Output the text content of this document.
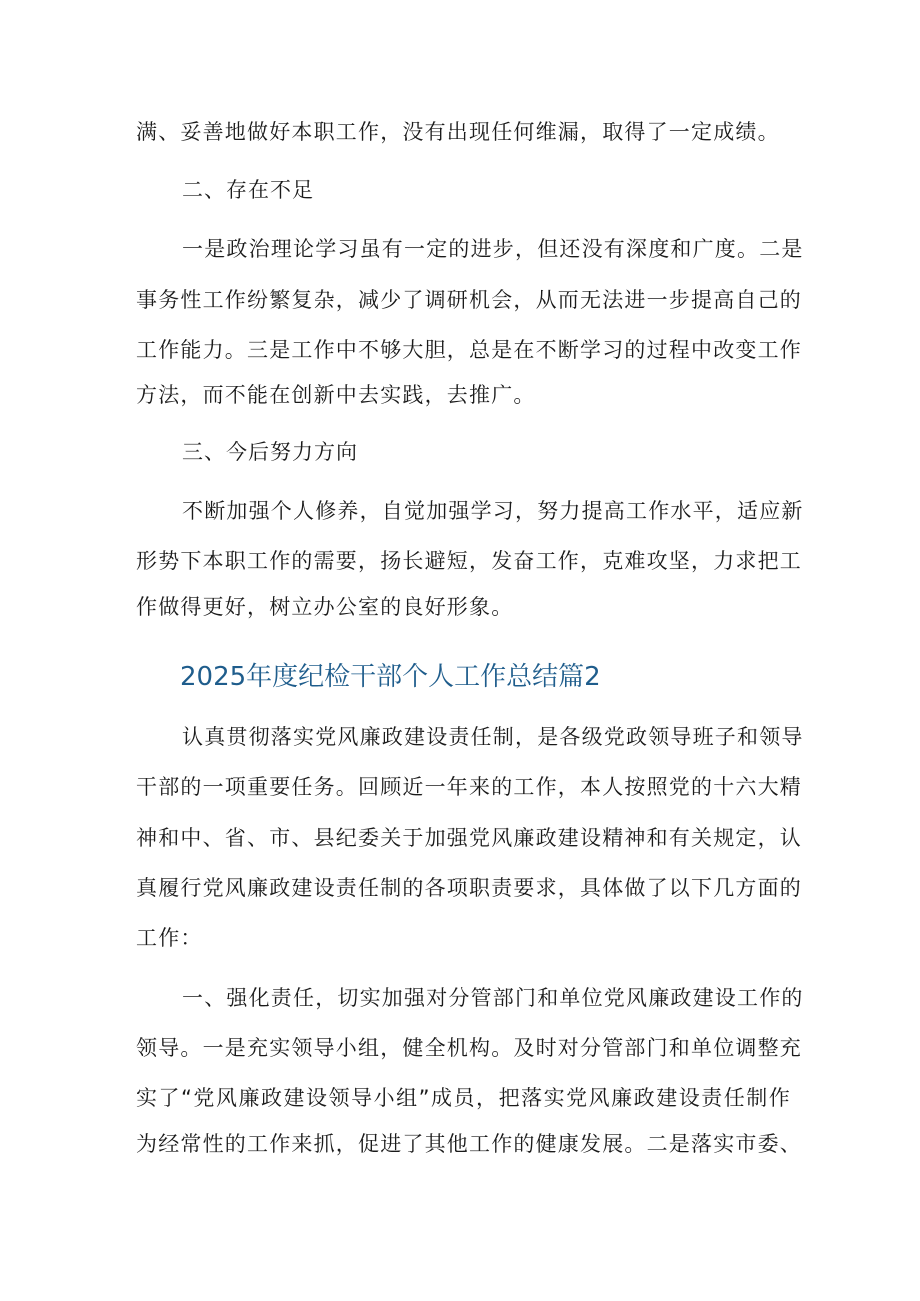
满、妥善地做好本职工作，没有出现任何维漏，取得了一定成绩。
二、存在不足
一是政治理论学习虽有一定的进步，但还没有深度和广度。二是
事务性工作纷繁复杂，减少了调研机会，从而无法进一步提高自己的
工作能力。三是工作中不够大胆，总是在不断学习的过程中改变工作
方法，而不能在创新中去实践，去推广。
三、今后努力方向
不断加强个人修养，自觉加强学习，努力提高工作水平，适应新
形势下本职工作的需要，扬长避短，发奋工作，克难攻坚，力求把工
作做得更好，树立办公室的良好形象。
2025年度纪检干部个人工作总结篇2
认真贯彻落实党风廉政建设责任制，是各级党政领导班子和领导
干部的一项重要任务。回顾近一年来的工作，本人按照党的十六大精
神和中、省、市、县纪委关于加强党风廉政建设精神和有关规定，认
真履行党风廉政建设责任制的各项职责要求，具体做了以下几方面的
工作：
一、强化责任，切实加强对分管部门和单位党风廉政建设工作的
领导。一是充实领导小组，健全机构。及时对分管部门和单位调整充
实了“党风廉政建设领导小组”成员，把落实党风廉政建设责任制作
为经常性的工作来抓，促进了其他工作的健康发展。二是落实市委、
